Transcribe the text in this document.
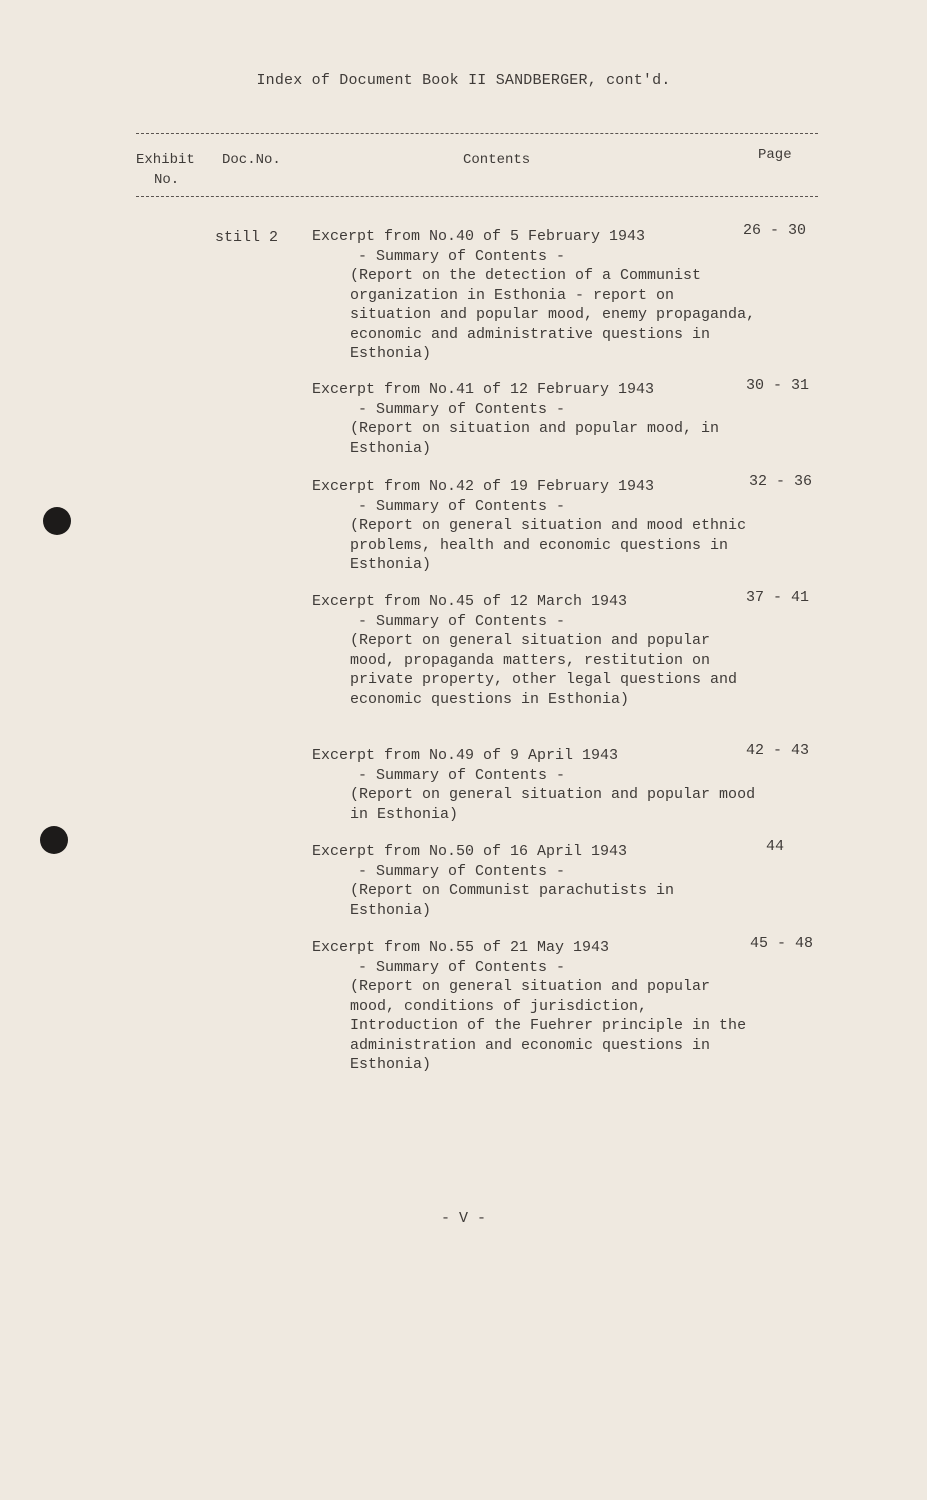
Index of Document Book II SANDBERGER, cont'd.
Exhibit
No.
Doc.No.	Contents	Page
still 2 Excerpt from No.40 of 5 February 1943
- Summary of Contents -
(Report on the detection of a Communist organization in Esthonia - report on situation and popular mood, enemy propaganda, economic and administrative questions in Esthonia)
26 - 30
Excerpt from No.41 of 12 February 1943
- Summary of Contents -
(Report on situation and popular mood, in Esthonia)
30 - 31
Excerpt from No.42 of 19 February 1943
- Summary of Contents -
(Report on general situation and mood ethnic problems, health and economic questions in Esthonia)
32 - 36
Excerpt from No.45 of 12 March 1943
- Summary of Contents -
(Report on general situation and popular mood, propaganda matters, restitution on private property, other legal questions and economic questions in Esthonia)
37 - 41
Excerpt from No.49 of 9 April 1943
- Summary of Contents -
(Report on general situation and popular mood in Esthonia)
42 - 43
Excerpt from No.50 of 16 April 1943
- Summary of Contents -
(Report on Communist parachutists in Esthonia)
44
Excerpt from No.55 of 21 May 1943
- Summary of Contents -
(Report on general situation and popular mood, conditions of jurisdiction, Introduction of the Fuehrer principle in the administration and economic questions in Esthonia)
45 - 48
- V -
